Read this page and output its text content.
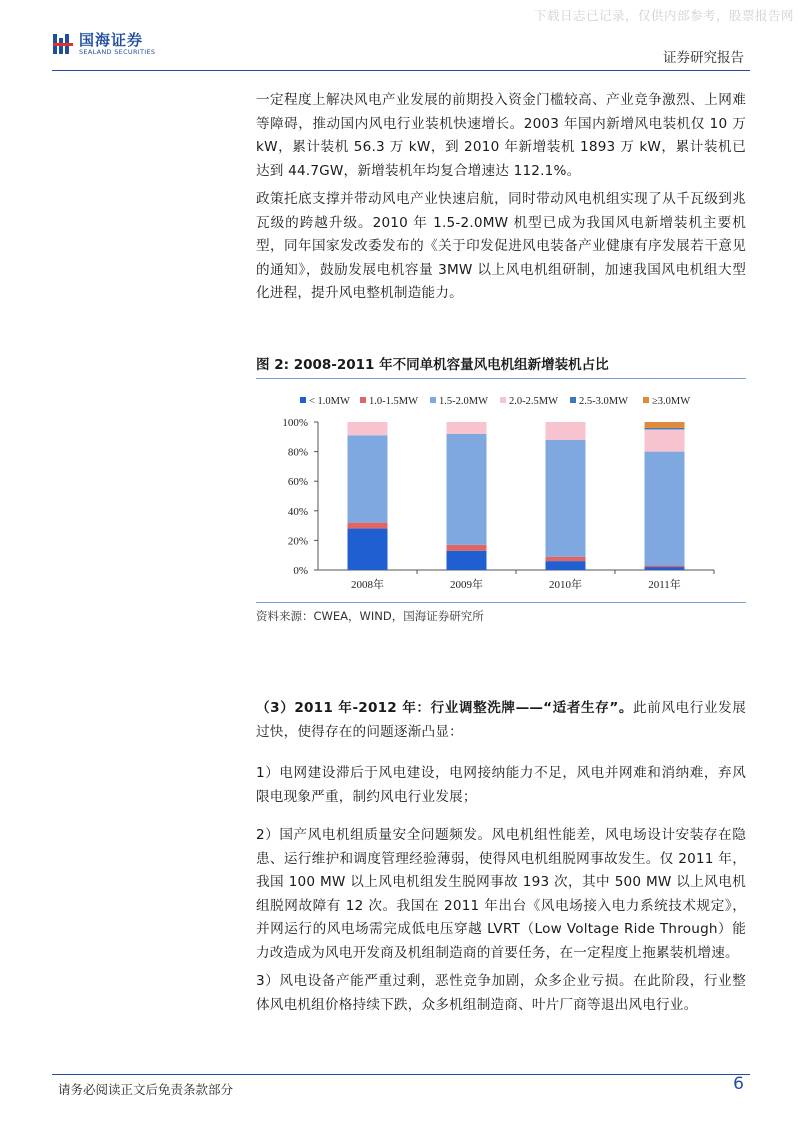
下载日志已记录，仅供内部参考，股票报告网
国海证券
SEALAND SECURITIES	证券研究报告

一定程度上解决风电产业发展的前期投入资金门槛较高、产业竞争激烈、上网难等障碍，推动国内风电行业装机快速增长。2003 年国内新增风电装机仅 10 万 kW，累计装机 56.3 万 kW，到 2010 年新增装机 1893 万 kW，累计装机已达到 44.7GW，新增装机年均复合增速达 112.1%。

政策托底支撑并带动风电产业快速启航，同时带动风电机组实现了从千瓦级到兆瓦级的跨越升级。2010 年 1.5-2.0MW 机型已成为我国风电新增装机主要机型，同年国家发改委发布的《关于印发促进风电装备产业健康有序发展若干意见的通知》，鼓励发展电机容量 3MW 以上风电机组研制，加速我国风电机组大型化进程，提升风电整机制造能力。

图 2: 2008-2011 年不同单机容量风电机组新增装机占比
< 1.0MW 1.0-1.5MW 1.5-2.0MW 2.0-2.5MW 2.5-3.0MW ≥3.0MW
0%
20%
40%
60%
80%
100%
2008年	2009年	2010年	2011年
资料来源：CWEA，WIND，国海证券研究所

（3）2011 年-2012 年：行业调整洗牌——“适者生存”。此前风电行业发展过快，使得存在的问题逐渐凸显：

1）电网建设滞后于风电建设，电网接纳能力不足，风电并网难和消纳难，弃风限电现象严重，制约风电行业发展；

2）国产风电机组质量安全问题频发。风电机组性能差，风电场设计安装存在隐患、运行维护和调度管理经验薄弱，使得风电机组脱网事故发生。仅 2011 年，我国 100 MW 以上风电机组发生脱网事故 193 次，其中 500 MW 以上风电机组脱网故障有 12 次。我国在 2011 年出台《风电场接入电力系统技术规定》，并网运行的风电场需完成低电压穿越 LVRT（Low Voltage Ride Through）能力改造成为风电开发商及机组制造商的首要任务，在一定程度上拖累装机增速。

3）风电设备产能严重过剩，恶性竞争加剧，众多企业亏损。在此阶段，行业整体风电机组价格持续下跌，众多机组制造商、叶片厂商等退出风电行业。

请务必阅读正文后免责条款部分	6
